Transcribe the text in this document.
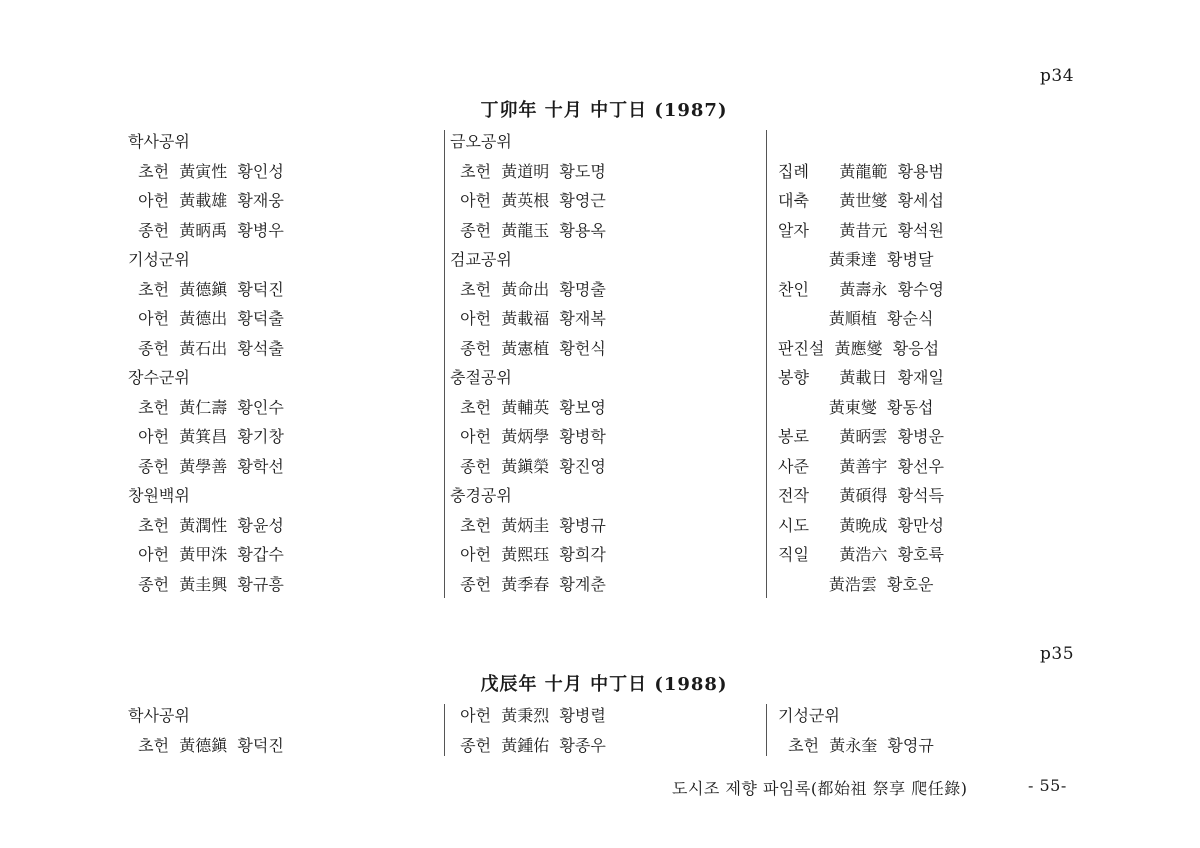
p34
丁卯年 十月 中丁日 (1987)
학사공위
초헌  黃寅性  황인성
아헌  黃載雄  황재웅
종헌  黃昞禹  황병우
기성군위
초헌  黃德鎭  황덕진
아헌  黃德出  황덕출
종헌  黃石出  황석출
장수군위
초헌  黃仁壽  황인수
아헌  黃箕昌  황기창
종헌  黃學善  황학선
창원백위
초헌  黃潤性  황윤성
아헌  黃甲洙  황갑수
종헌  黃圭興  황규흥
금오공위
초헌  黃道明  황도명
아헌  黃英根  황영근
종헌  黃龍玉  황용옥
검교공위
초헌  黃命出  황명출
아헌  黃載福  황재복
종헌  黃憲植  황헌식
충절공위
초헌  黃輔英  황보영
아헌  黃炳學  황병학
종헌  黃鎭榮  황진영
충경공위
초헌  黃炳圭  황병규
아헌  黃熙珏  황희각
종헌  黃季春  황계춘
집례      黃龍範  황용범
대축      黃世燮  황세섭
알자      黃昔元  황석원
黃秉達  황병달
찬인      黃壽永  황수영
黃順植  황순식
판진설  黃應燮  황응섭
봉향      黃載日  황재일
黃東燮  황동섭
봉로      黃昞雲  황병운
사준      黃善宇  황선우
전작      黃碩得  황석득
시도      黃晩成  황만성
직일      黃浩六  황호륙
黃浩雲  황호운
p35
戊辰年 十月 中丁日 (1988)
학사공위
초헌  黃德鎭  황덕진
아헌  黃秉烈  황병렬
종헌  黃鍾佑  황종우
기성군위
초헌  黃永奎  황영규
도시조 제향 파임록(都始祖 祭享 爬任錄)	- 55-
